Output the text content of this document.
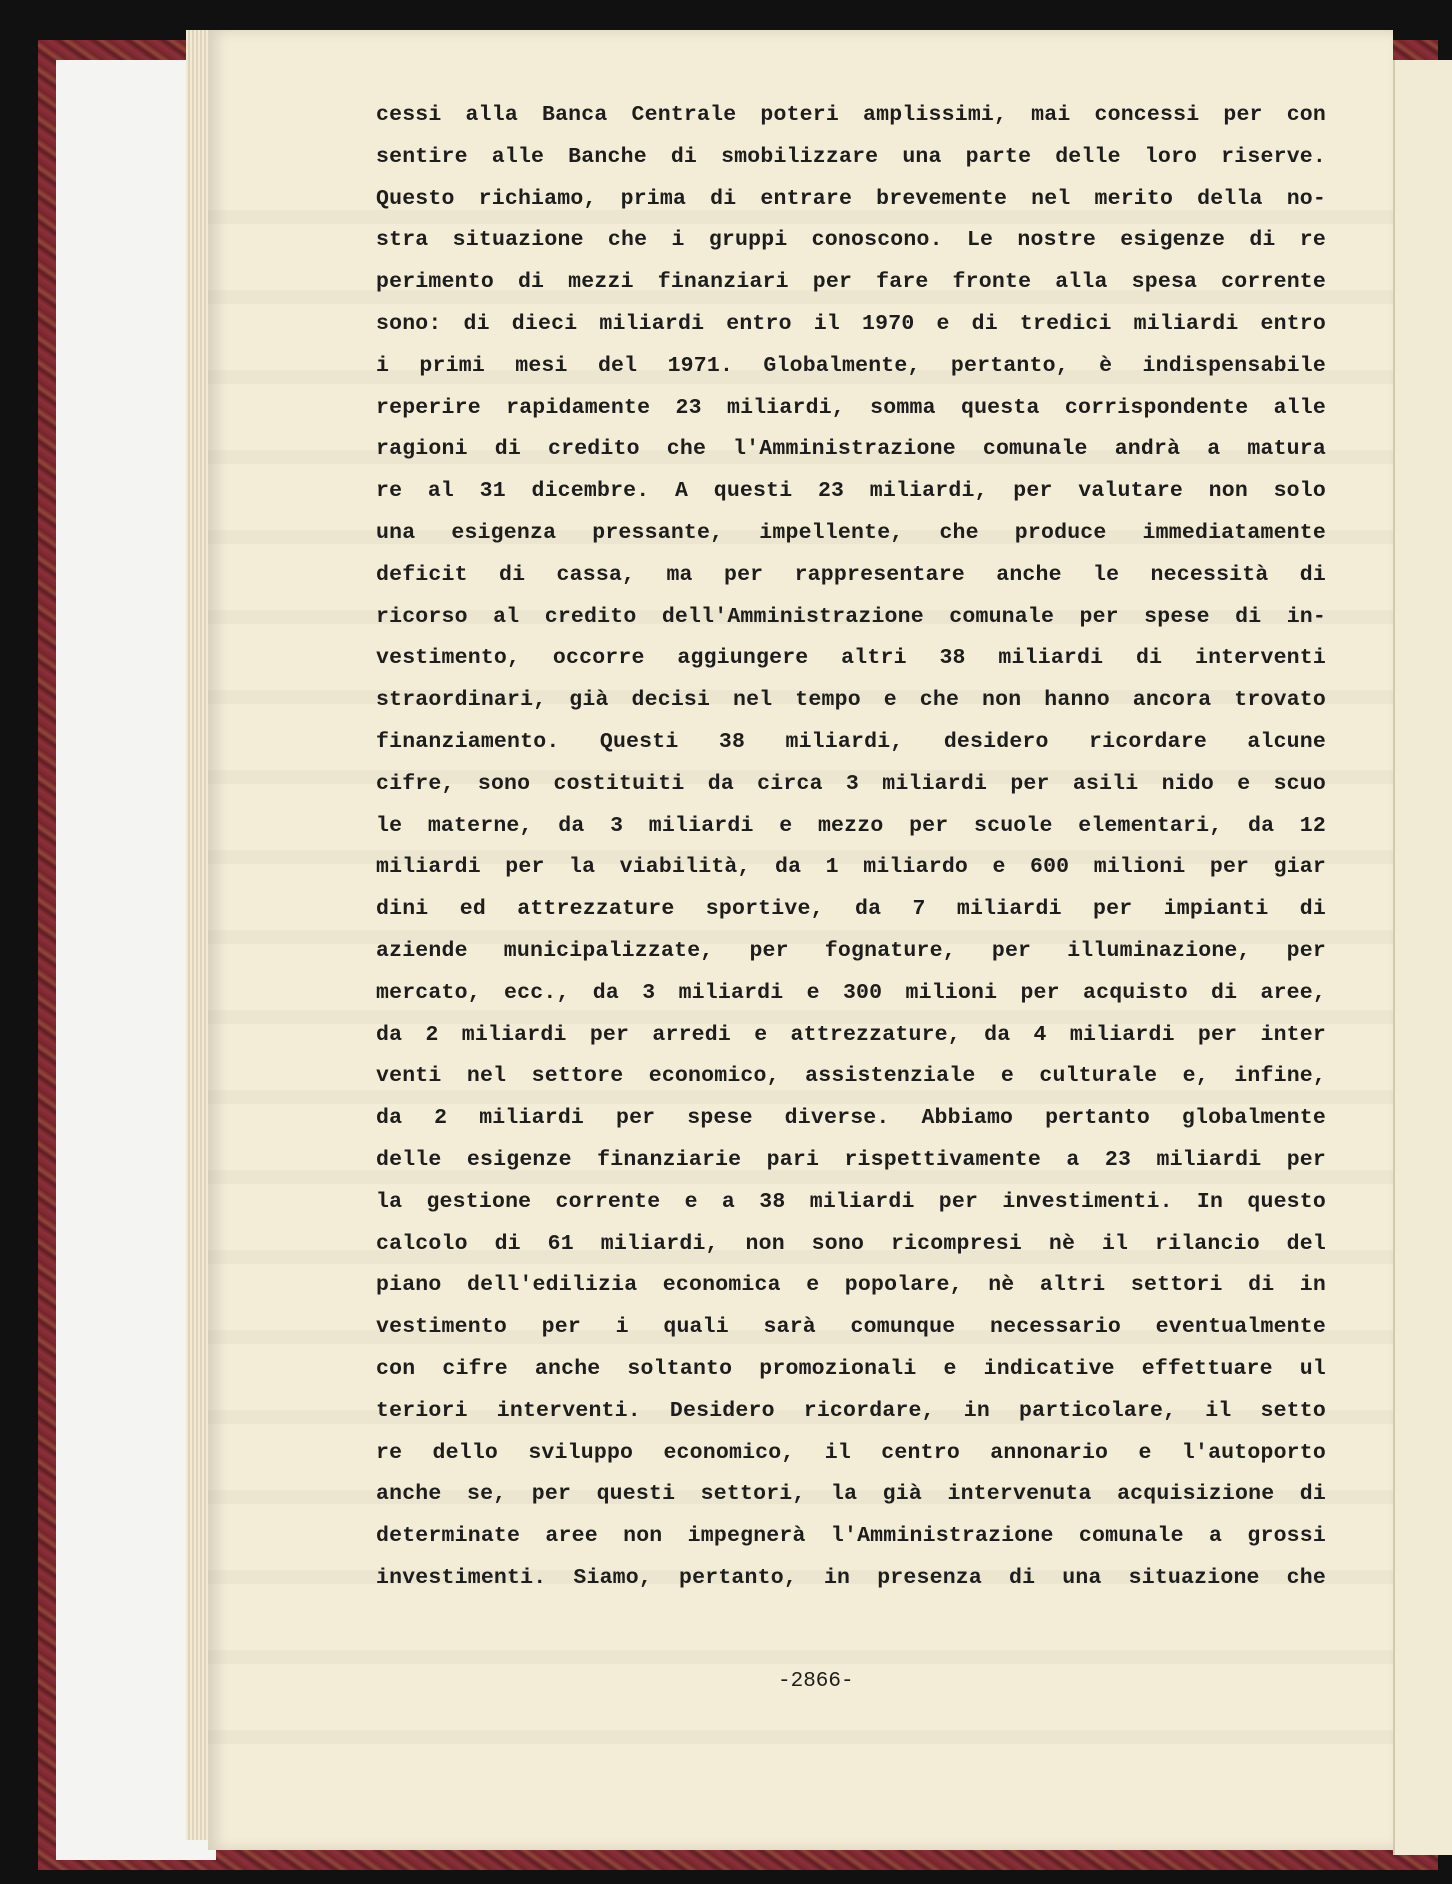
cessi alla Banca Centrale poteri amplissimi, mai concessi per con
sentire alle Banche di smobilizzare una parte delle loro riserve.
Questo richiamo, prima di entrare brevemente nel merito della no-
stra situazione che i gruppi conoscono. Le nostre esigenze di re
perimento di mezzi finanziari per fare fronte alla spesa corrente
sono: di dieci miliardi entro il 1970 e di tredici miliardi entro
i primi mesi del 1971. Globalmente, pertanto, è indispensabile
reperire rapidamente 23 miliardi, somma questa corrispondente alle
ragioni di credito che l'Amministrazione comunale andrà a matura
re al 31 dicembre. A questi 23 miliardi, per valutare non solo
una esigenza pressante, impellente, che produce immediatamente
deficit di cassa, ma per rappresentare anche le necessità di
ricorso al credito dell'Amministrazione comunale per spese di in-
vestimento, occorre aggiungere altri 38 miliardi di interventi
straordinari, già decisi nel tempo e che non hanno ancora trovato
finanziamento. Questi 38 miliardi, desidero ricordare alcune
cifre, sono costituiti da circa 3 miliardi per asili nido e scuo
le materne, da 3 miliardi e mezzo per scuole elementari, da 12
miliardi per la viabilità, da 1 miliardo e 600 milioni per giar
dini ed attrezzature sportive, da 7 miliardi per impianti di
aziende municipalizzate, per fognature, per illuminazione, per
mercato, ecc., da 3 miliardi e 300 milioni per acquisto di aree,
da 2 miliardi per arredi e attrezzature, da 4 miliardi per inter
venti nel settore economico, assistenziale e culturale e, infine,
da 2 miliardi per spese diverse. Abbiamo pertanto globalmente
delle esigenze finanziarie pari rispettivamente a 23 miliardi per
la gestione corrente e a 38 miliardi per investimenti. In questo
calcolo di 61 miliardi, non sono ricompresi nè il rilancio del
piano dell'edilizia economica e popolare, nè altri settori di in
vestimento per i quali sarà comunque necessario eventualmente
con cifre anche soltanto promozionali e indicative effettuare ul
teriori interventi. Desidero ricordare, in particolare, il setto
re dello sviluppo economico, il centro annonario e l'autoporto
anche se, per questi settori, la già intervenuta acquisizione di
determinate aree non impegnerà l'Amministrazione comunale a grossi
investimenti. Siamo, pertanto, in presenza di una situazione che
-2866-
